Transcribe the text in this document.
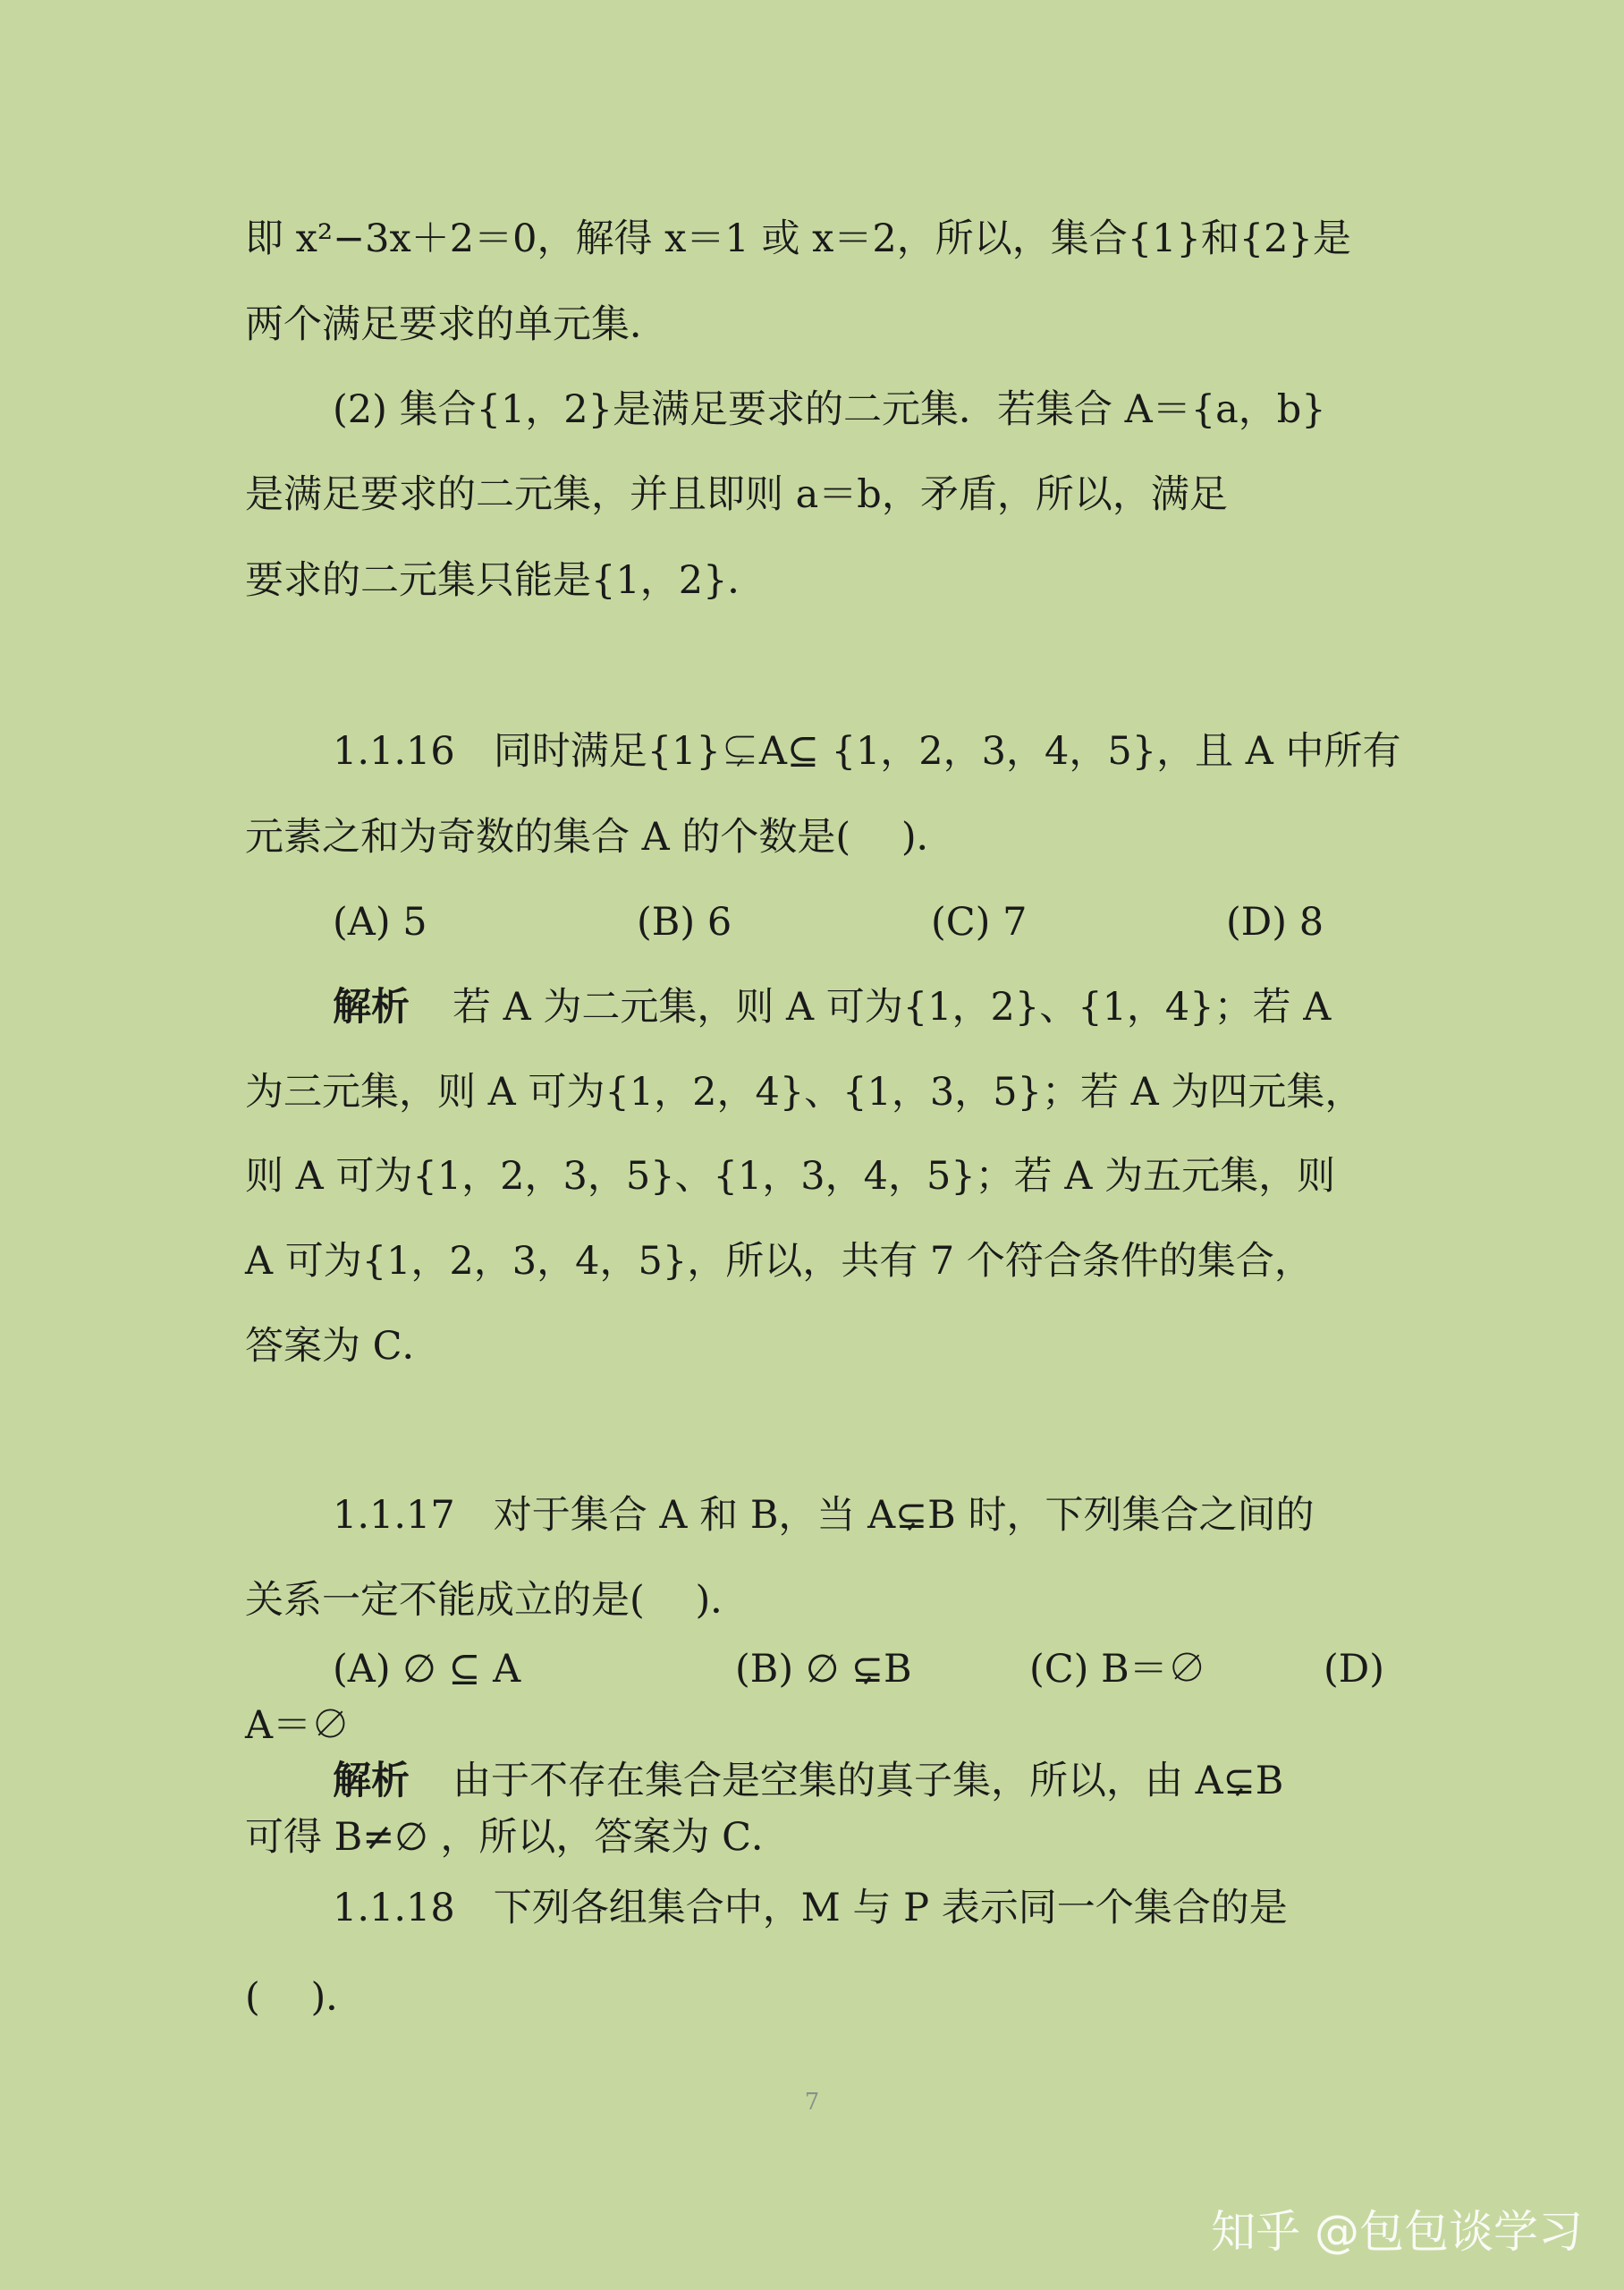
即 x²−3x＋2＝0，解得 x＝1 或 x＝2，所以，集合{1}和{2}是
两个满足要求的单元集．
(2) 集合{1，2}是满足要求的二元集．若集合 A＝{a，b}
是满足要求的二元集，并且即则 a＝b，矛盾，所以，满足
要求的二元集只能是{1，2}．
1.1.16　同时满足{1}⊊A⊆ {1，2，3，4，5}，且 A 中所有
元素之和为奇数的集合 A 的个数是(　 )．
(A) 5	(B) 6	(C) 7	(D) 8
解析 若 A 为二元集，则 A 可为{1，2}、{1，4}；若 A
为三元集，则 A 可为{1，2，4}、{1，3，5}；若 A 为四元集，
则 A 可为{1，2，3，5}、{1，3，4，5}；若 A 为五元集，则
A 可为{1，2，3，4，5}，所以，共有 7 个符合条件的集合，
答案为 C．
1.1.17　对于集合 A 和 B，当 A⊊B 时，下列集合之间的
关系一定不能成立的是(　 )．
(A) ∅ ⊆ A	(B) ∅ ⊊B	(C) B＝∅	(D)
A＝∅
解析 由于不存在集合是空集的真子集，所以，由 A⊊B
可得 B≠∅ ，所以，答案为 C．
1.1.18　下列各组集合中，M 与 P 表示同一个集合的是
(　 )．
7
知乎 @包包谈学习
